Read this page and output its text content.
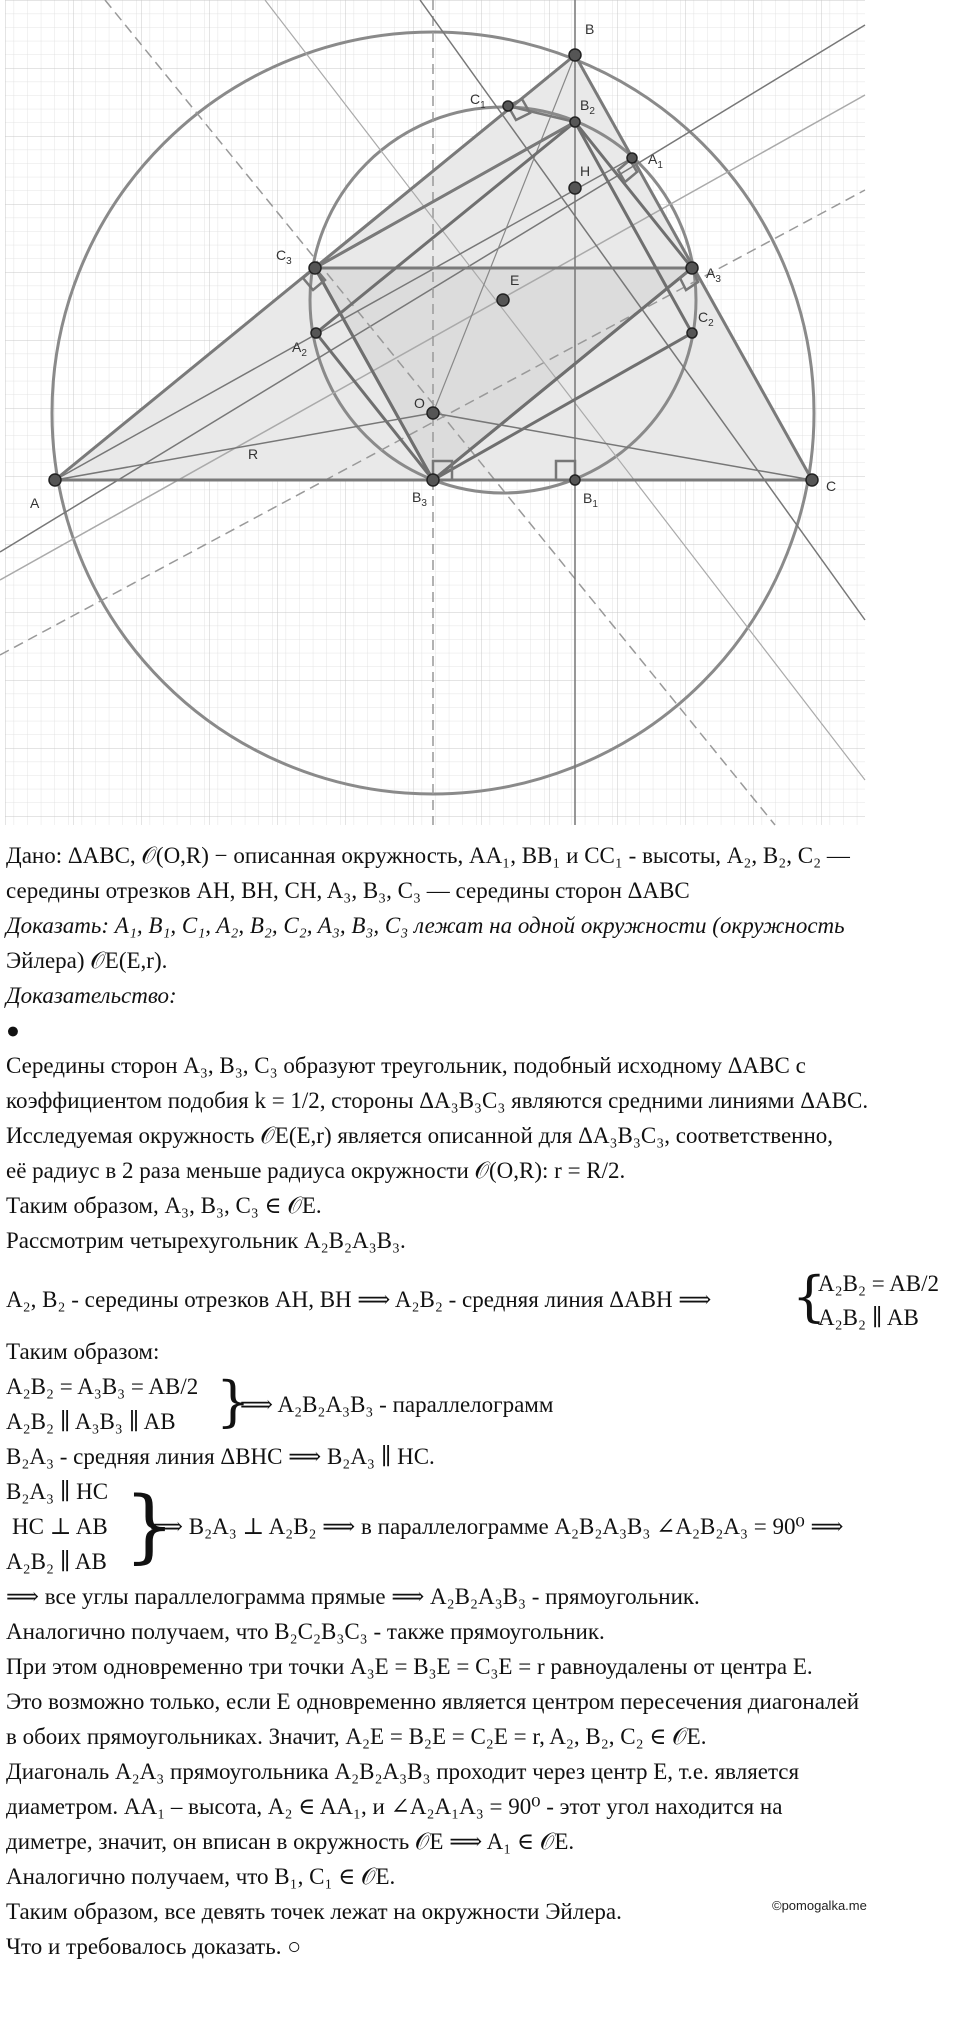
A
B
C
H
E
O
R
$C_1$	$B_2$
$A_1$
$C_3$
$A_3$
$C_2$
$A_2$
$B_3$	$B_1$

Дано: ΔABC, 𝒪(O,R) − описанная окружность, AA₁, BB₁ и CC₁ - высоты, A₂, B₂, C₂ —

середины отрезков AH, BH, CH, A₃, B₃, C₃ — середины сторон ΔABC

Доказать: A₁, B₁, C₁, A₂, B₂, C₂, A₃, B₃, C₃ лежат на одной окружности (окружность

Эйлера) 𝒪E(E,r).

Доказательство:

●

Середины сторон A₃, B₃, C₃ образуют треугольник, подобный исходному ΔABC с

коэффициентом подобия k = 1/2, стороны ΔA₃B₃C₃ являются средними линиями ΔABC.

Исследуемая окружность 𝒪E(E,r) является описанной для ΔA₃B₃C₃, соответственно,

её радиус в 2 раза меньше радиуса окружности 𝒪(O,R): r = R/2.

Таким образом, A₃, B₃, C₃ ∈ 𝒪E.

Рассмотрим четырехугольник A₂B₂A₃B₃.

A₂, B₂ - середины отрезков AH, BH ⟹ A₂B₂ - средняя линия ΔABH ⟹ {
A₂B₂ = AB/2
A₂B₂ ∥ AB

Таким образом:

A₂B₂ = A₃B₃ = AB/2
A₂B₂ ∥ A₃B₃ ∥ AB {
⟹ A₂B₂A₃B₃ - параллелограмм

B₂A₃ - средняя линия ΔBHC ⟹ B₂A₃ ∥ HC.

B₂A₃ ∥ HC
HC ⊥ AB
A₂B₂ ∥ AB {
⟹ B₂A₃ ⊥ A₂B₂ ⟹ в параллелограмме A₂B₂A₃B₃ ∠A₂B₂A₃ = 90⁰ ⟹

⟹ все углы параллелограмма прямые ⟹ A₂B₂A₃B₃ - прямоугольник.

Аналогично получаем, что B₂C₂B₃C₃ - также прямоугольник.

При этом одновременно три точки A₃E = B₃E = C₃E = r равноудалены от центра E.

Это возможно только, если E одновременно является центром пересечения диагоналей

в обоих прямоугольниках. Значит, A₂E = B₂E = C₂E = r, A₂, B₂, C₂ ∈ 𝒪E.

Диагональ A₂A₃ прямоугольника A₂B₂A₃B₃ проходит через центр E, т.е. является

диаметром. AA₁ – высота, A₂ ∈ AA₁, и ∠A₂A₁A₃ = 90⁰ - этот угол находится на

диметре, значит, он вписан в окружность 𝒪E ⟹ A₁ ∈ 𝒪E.

Аналогично получаем, что B₁, C₁ ∈ 𝒪E.

Таким образом, все девять точек лежат на окружности Эйлера.

Что и требовалось доказать. ○

©pomogalka.me
